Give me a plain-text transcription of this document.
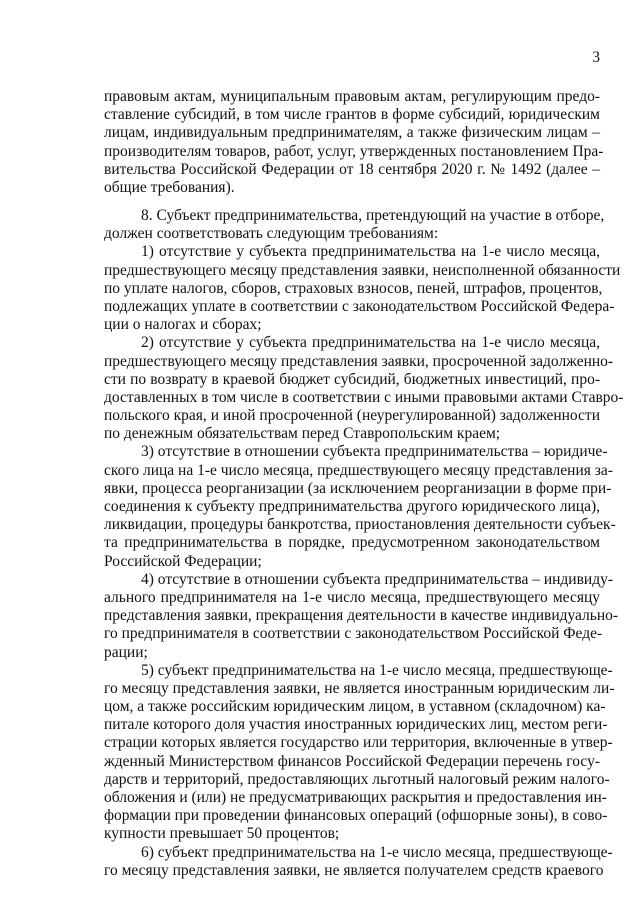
3
правовым актам, муниципальным правовым актам, регулирующим предо-
ставление субсидий, в том числе грантов в форме субсидий, юридическим
лицам, индивидуальным предпринимателям, а также физическим лицам –
производителям товаров, работ, услуг, утвержденных постановлением Пра-
вительства Российской Федерации от 18 сентября 2020 г. № 1492 (далее –
общие требования).
8. Субъект предпринимательства, претендующий на участие в отборе,
должен соответствовать следующим требованиям:
1) отсутствие у субъекта предпринимательства на 1-е число месяца,
предшествующего месяцу представления заявки, неисполненной обязанности
по уплате налогов, сборов, страховых взносов, пеней, штрафов, процентов,
подлежащих уплате в соответствии с законодательством Российской Федера-
ции о налогах и сборах;
2) отсутствие у субъекта предпринимательства на 1-е число месяца,
предшествующего месяцу представления заявки, просроченной задолженно-
сти по возврату в краевой бюджет субсидий, бюджетных инвестиций, про-
доставленных в том числе в соответствии с иными правовыми актами Ставро-
польского края, и иной просроченной (неурегулированной) задолженности
по денежным обязательствам перед Ставропольским краем;
3) отсутствие в отношении субъекта предпринимательства – юридиче-
ского лица на 1-е число месяца, предшествующего месяцу представления за-
явки, процесса реорганизации (за исключением реорганизации в форме при-
соединения к субъекту предпринимательства другого юридического лица),
ликвидации, процедуры банкротства, приостановления деятельности субъек-
та предпринимательства в порядке, предусмотренном законодательством
Российской Федерации;
4) отсутствие в отношении субъекта предпринимательства – индивиду-
ального предпринимателя на 1-е число месяца, предшествующего месяцу
представления заявки, прекращения деятельности в качестве индивидуально-
го предпринимателя в соответствии с законодательством Российской Феде-
рации;
5) субъект предпринимательства на 1-е число месяца, предшествующе-
го месяцу представления заявки, не является иностранным юридическим ли-
цом, а также российским юридическим лицом, в уставном (складочном) ка-
питале которого доля участия иностранных юридических лиц, местом реги-
страции которых является государство или территория, включенные в утвер-
жденный Министерством финансов Российской Федерации перечень госу-
дарств и территорий, предоставляющих льготный налоговый режим налого-
обложения и (или) не предусматривающих раскрытия и предоставления ин-
формации при проведении финансовых операций (офшорные зоны), в сово-
купности превышает 50 процентов;
6) субъект предпринимательства на 1-е число месяца, предшествующе-
го месяцу представления заявки, не является получателем средств краевого
